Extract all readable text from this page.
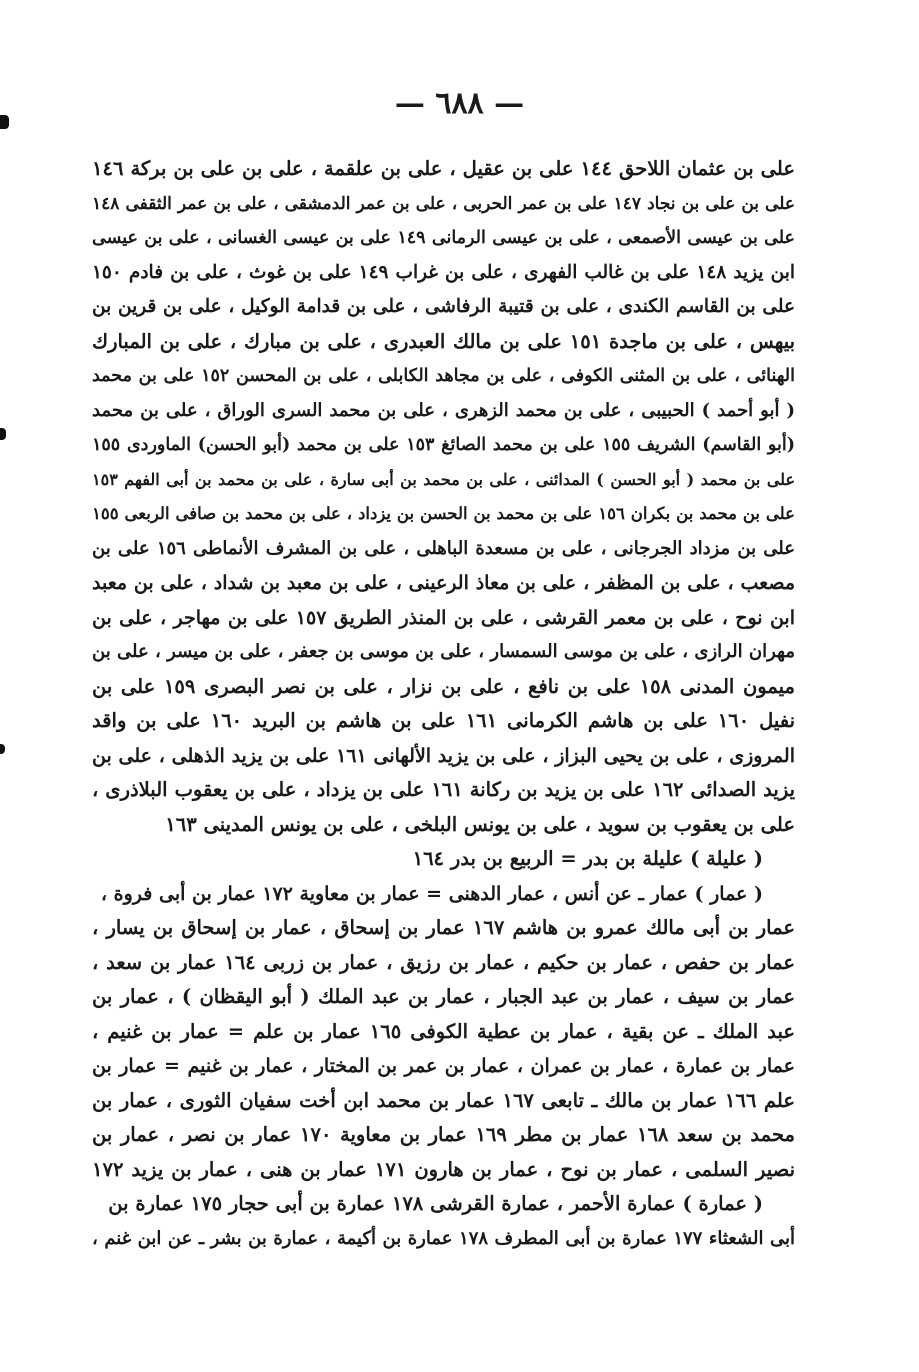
— ٦٨٨ —
على بن عثمان اللاحق ١٤٤ على بن عقيل ، على بن علقمة ، على بن على بن بركة ١٤٦
على بن على بن نجاد ١٤٧ على بن عمر الحربى ، على بن عمر الدمشقى ، على بن عمر الثقفى ١٤٨
على بن عيسى الأصمعى ، على بن عيسى الرمانى ١٤٩ على بن عيسى الغسانى ، على بن عيسى
ابن يزيد ١٤٨ على بن غالب الفهرى ، على بن غراب ١٤٩ على بن غوث ، على بن فادم ١٥٠
على بن القاسم الكندى ، على بن قتيبة الرفاشى ، على بن قدامة الوكيل ، على بن قرين بن
بيهس ، على بن ماجدة ١٥١ على بن مالك العبدرى ، على بن مبارك ، على بن المبارك
الهنائى ، على بن المثنى الكوفى ، على بن مجاهد الكابلى ، على بن المحسن ١٥٢ على بن محمد
( أبو أحمد ) الحبيبى ، على بن محمد الزهرى ، على بن محمد السرى الوراق ، على بن محمد
(أبو القاسم) الشريف ١٥٥ على بن محمد الصائغ ١٥٣ على بن محمد (أبو الحسن) الماوردى ١٥٥
على بن محمد ( أبو الحسن ) المدائنى ، على بن محمد بن أبى سارة ، على بن محمد بن أبى الفهم ١٥٣
على بن محمد بن بكران ١٥٦ على بن محمد بن الحسن بن يزداد ، على بن محمد بن صافى الربعى ١٥٥
على بن مزداد الجرجانى ، على بن مسعدة الباهلى ، على بن المشرف الأنماطى ١٥٦ على بن
مصعب ، على بن المظفر ، على بن معاذ الرعينى ، على بن معبد بن شداد ، على بن معبد
ابن نوح ، على بن معمر القرشى ، على بن المنذر الطريق ١٥٧ على بن مهاجر ، على بن
مهران الرازى ، على بن موسى السمسار ، على بن موسى بن جعفر ، على بن ميسر ، على بن
ميمون المدنى ١٥٨ على بن نافع ، على بن نزار ، على بن نصر البصرى ١٥٩ على بن
نفيل ١٦٠ على بن هاشم الكرمانى ١٦١ على بن هاشم بن البريد ١٦٠ على بن واقد
المروزى ، على بن يحيى البزاز ، على بن يزيد الألهانى ١٦١ على بن يزيد الذهلى ، على بن
يزيد الصدائى ١٦٢ على بن يزيد بن ركانة ١٦١ على بن يزداد ، على بن يعقوب البلاذرى ،
على بن يعقوب بن سويد ، على بن يونس البلخى ، على بن يونس المدينى ١٦٣
( عليلة ) عليلة بن بدر = الربيع بن بدر ١٦٤
( عمار ) عمار ـ عن أنس ، عمار الدهنى = عمار بن معاوية ١٧٢ عمار بن أبى فروة ،
عمار بن أبى مالك عمرو بن هاشم ١٦٧ عمار بن إسحاق ، عمار بن إسحاق بن يسار ،
عمار بن حفص ، عمار بن حكيم ، عمار بن رزيق ، عمار بن زربى ١٦٤ عمار بن سعد ،
عمار بن سيف ، عمار بن عبد الجبار ، عمار بن عبد الملك ( أبو اليقظان ) ، عمار بن
عبد الملك ـ عن بقية ، عمار بن عطية الكوفى ١٦٥ عمار بن علم = عمار بن غنيم ،
عمار بن عمارة ، عمار بن عمران ، عمار بن عمر بن المختار ، عمار بن غنيم = عمار بن
علم ١٦٦ عمار بن مالك ـ تابعى ١٦٧ عمار بن محمد ابن أخت سفيان الثورى ، عمار بن
محمد بن سعد ١٦٨ عمار بن مطر ١٦٩ عمار بن معاوية ١٧٠ عمار بن نصر ، عمار بن
نصير السلمى ، عمار بن نوح ، عمار بن هارون ١٧١ عمار بن هنى ، عمار بن يزيد ١٧٢
( عمارة ) عمارة الأحمر ، عمارة القرشى ١٧٨ عمارة بن أبى حجار ١٧٥ عمارة بن
أبى الشعثاء ١٧٧ عمارة بن أبى المطرف ١٧٨ عمارة بن أكيمة ، عمارة بن بشر ـ عن ابن غنم ،
